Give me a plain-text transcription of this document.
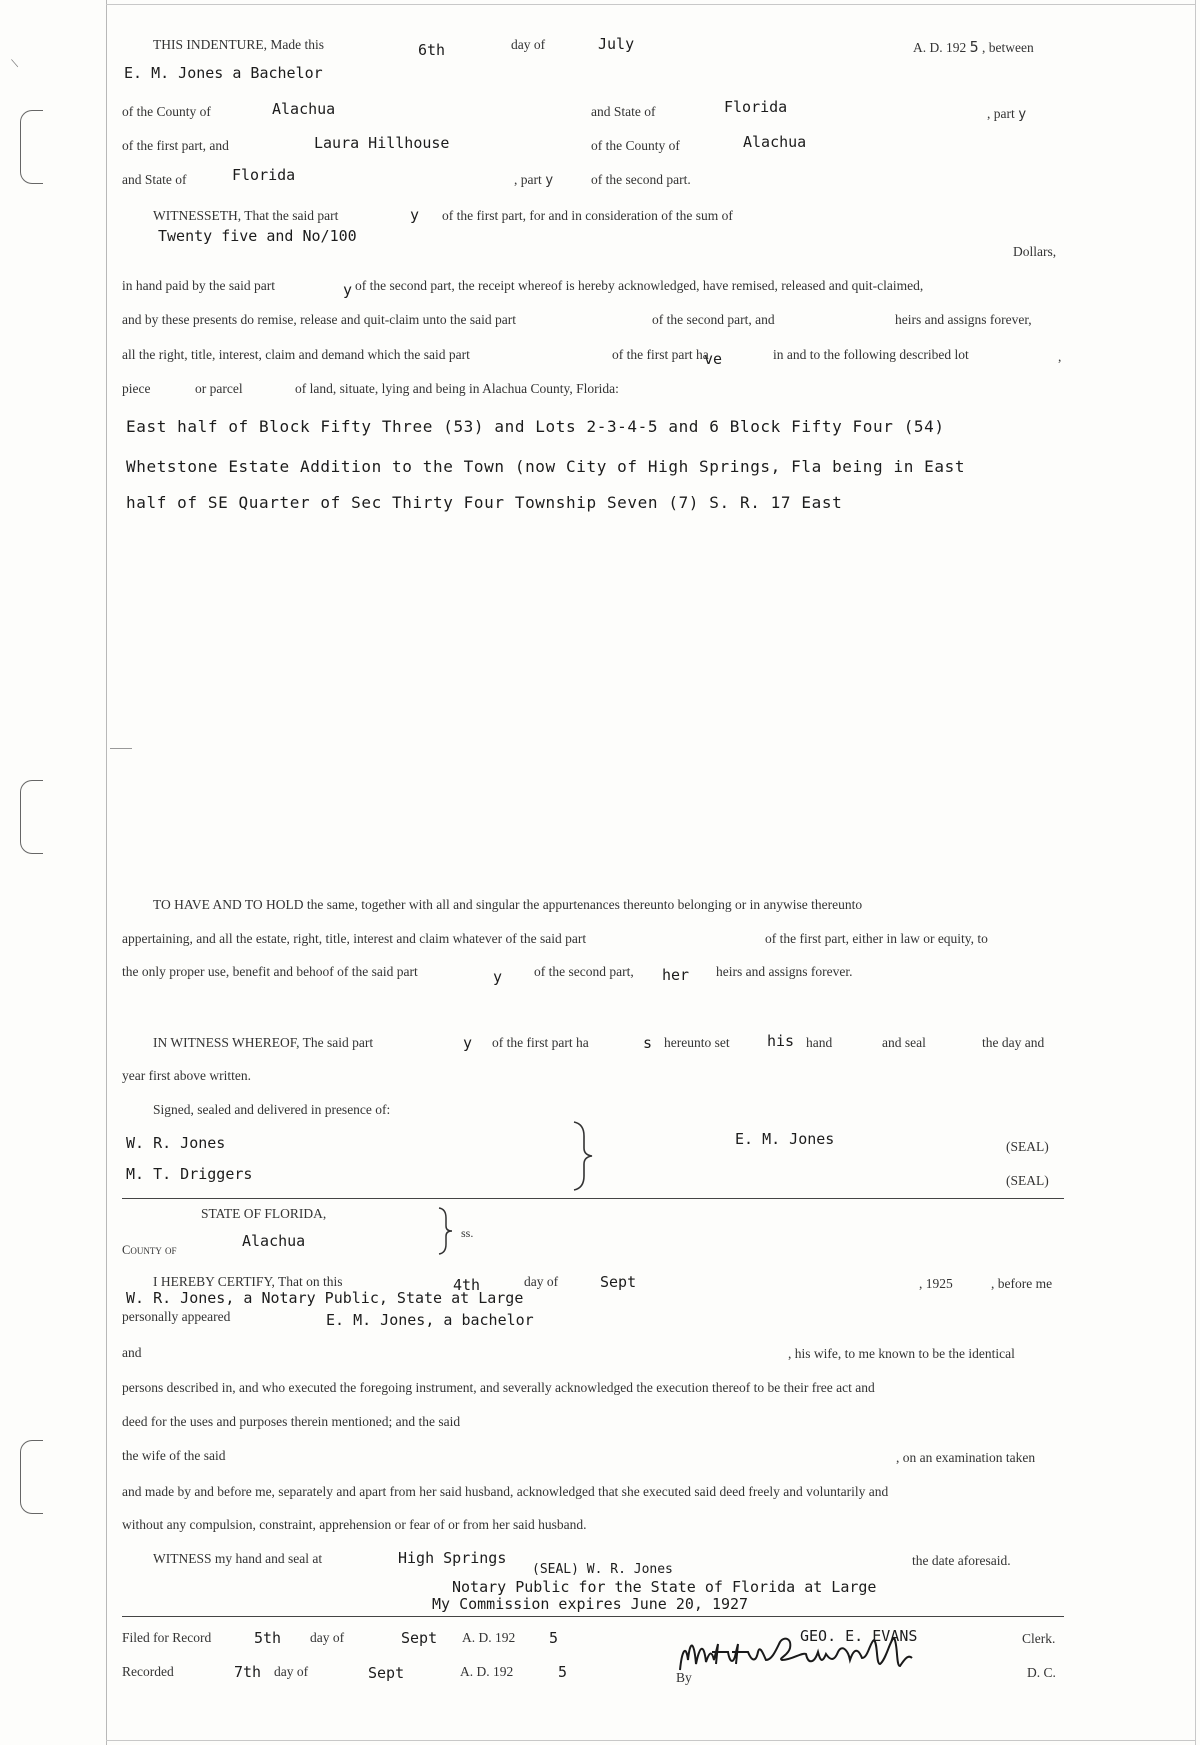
/
THIS INDENTURE, Made this	6th	day of	July	A. D. 192 5 , between
E. M. Jones a Bachelor
of the County of	Alachua	and State of	Florida	, part y
of the first part, and	Laura Hillhouse	of the County of	Alachua
and State of	Florida	, part y	of the second part.
WITNESSETH, That the said part	y of the first part, for and in consideration of the sum of
Twenty five and No/100
Dollars,
in hand paid by the said part	y of the second part, the receipt whereof is hereby acknowledged, have remised, released and quit-claimed,
and by these presents do remise, release and quit-claim unto the said part	of the second part, and	heirs and assigns forever,
all the right, title, interest, claim and demand which the said part	of the first part ha
ve	in and to the following described lot	,
piece	or parcel	of land, situate, lying and being in Alachua County, Florida:
East half of Block Fifty Three (53) and Lots 2-3-4-5 and 6 Block Fifty Four (54)
Whetstone Estate Addition to the Town (now City of High Springs, Fla being in East
half of SE Quarter of Sec Thirty Four Township Seven (7) S. R. 17 East
TO HAVE AND TO HOLD the same, together with all and singular the appurtenances thereunto belonging or in anywise thereunto
appertaining, and all the estate, right, title, interest and claim whatever of the said part	of the first part, either in law or equity, to
the only proper use, benefit and behoof of the said part	y of the second part, her heirs and assigns forever.
IN WITNESS WHEREOF, The said part	y of the first part ha	s hereunto set his hand	and seal	the day and
year first above written.
Signed, sealed and delivered in presence of:
W. R. Jones
M. T. Driggers
E. M. Jones	(SEAL)
(SEAL)
STATE OF FLORIDA,
County of	Alachua	ss.
I HEREBY CERTIFY, That on this	4th	day of	Sept	, 1925	, before me
W. R. Jones, a Notary Public, State at Large
personally appeared	E. M. Jones, a bachelor
and	, his wife, to me known to be the identical
persons described in, and who executed the foregoing instrument, and severally acknowledged the execution thereof to be their free act and
deed for the uses and purposes therein mentioned; and the said
the wife of the said	, on an examination taken
and made by and before me, separately and apart from her said husband, acknowledged that she executed said deed freely and voluntarily and
without any compulsion, constraint, apprehension or fear of or from her said husband.
WITNESS my hand and seal at	High Springs
(SEAL) W. R. Jones
the date aforesaid.
Notary Public for the State of Florida at Large
My Commission expires June 20, 1927
Filed for Record	5th day of	Sept A. D. 192 5	GEO. E. EVANS	Clerk.
Recorded	7th day of	Sept	A. D. 192	5	By	D. C.
